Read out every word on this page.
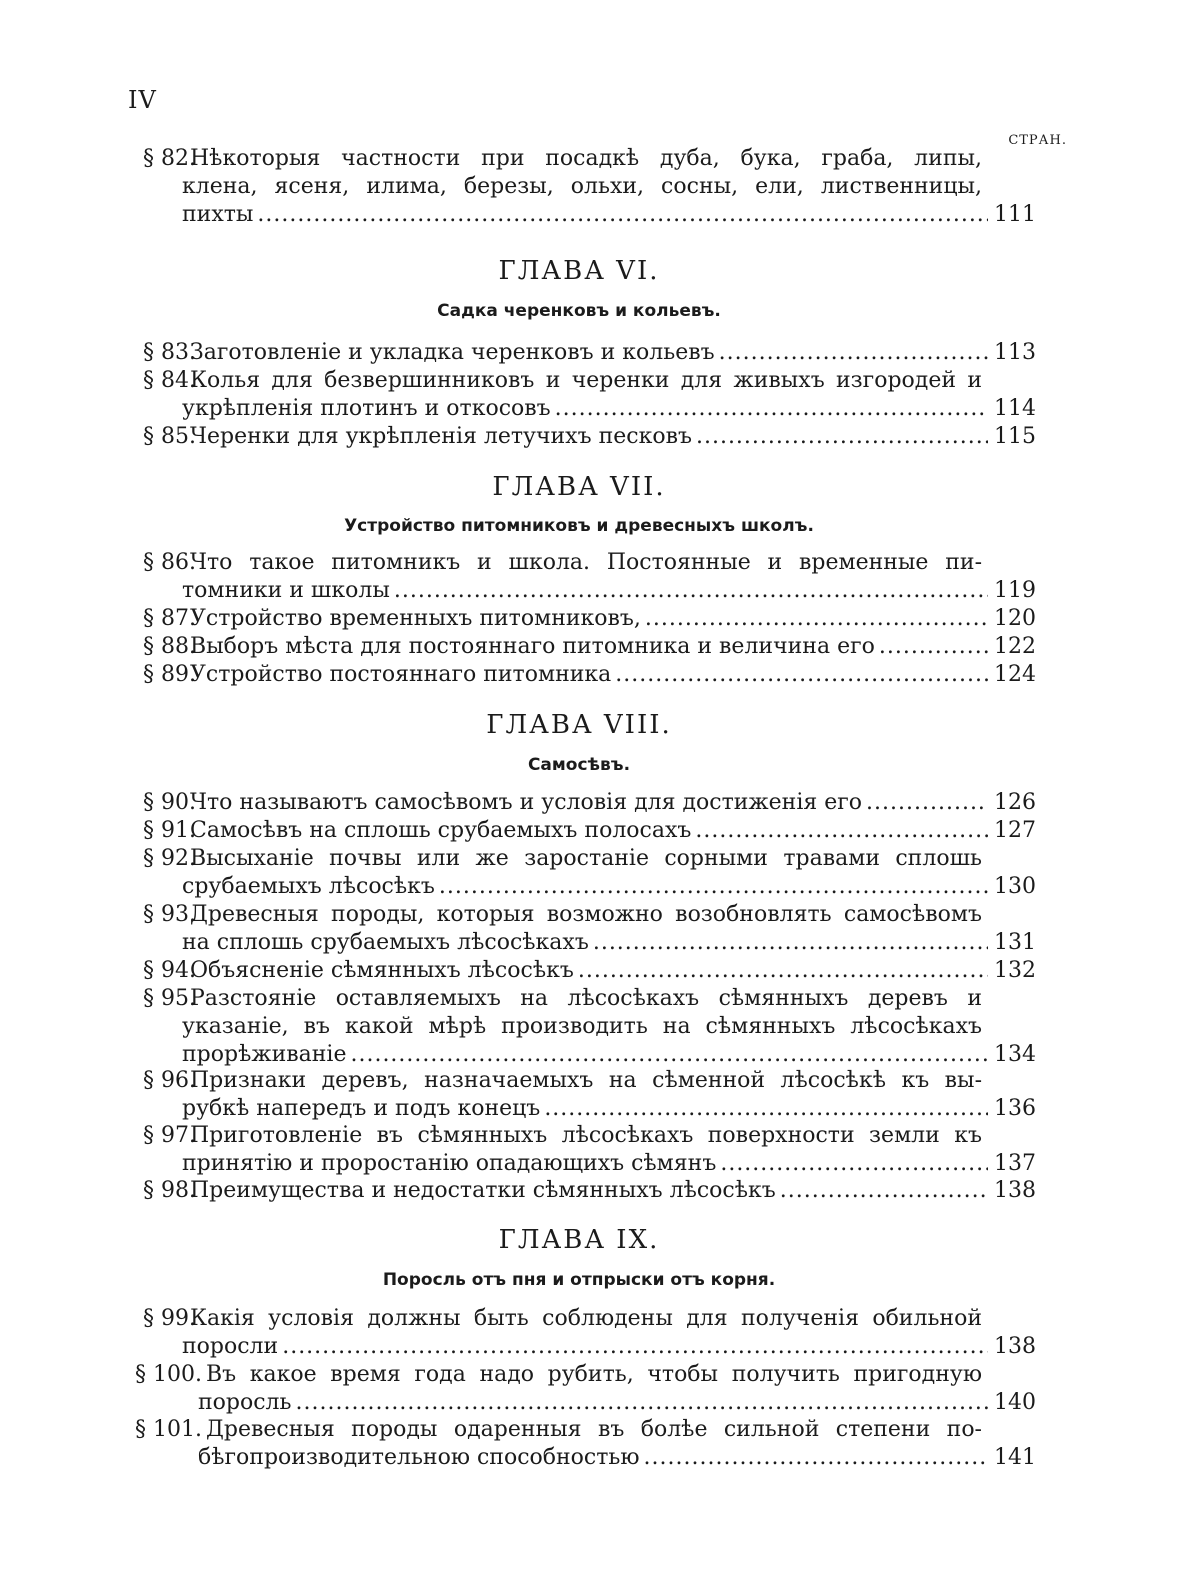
IV
СТРАН.
§ 82.
Нѣкоторыя частности при посадкѣ дуба, бука, граба, липы,
клена, ясеня, илима, березы, ольхи, сосны, ели, лиственницы,
пихты .....	111
ГЛАВА VI.
Садка черенковъ и кольевъ.
§ 83.
Заготовленіе и укладка черенковъ и кольевъ .....	113
§ 84.
Колья для безвершинниковъ и черенки для живыхъ изгородей и
укрѣпленія плотинъ и откосовъ .....	114
§ 85.
Черенки для укрѣпленія летучихъ песковъ .....	115
ГЛАВА VII.
Устройство питомниковъ и древесныхъ школъ.
§ 86.
Что такое питомникъ и школа. Постоянные и временные пи-
томники и школы .....	119
§ 87.
Устройство временныхъ питомниковъ, .....	120
§ 88.
Выборъ мѣста для постояннаго питомника и величина его .....	122
§ 89.
Устройство постояннаго питомника .....	124
ГЛАВА VIII.
Самосѣвъ.
§ 90.
Что называютъ самосѣвомъ и условія для достиженія его .....	126
§ 91.
Самосѣвъ на сплошь срубаемыхъ полосахъ .....	127
§ 92.
Высыханіе почвы или же заростаніе сорными травами сплошь
срубаемыхъ лѣсосѣкъ .....	130
§ 93.
Древесныя породы, которыя возможно возобновлять самосѣвомъ
на сплошь срубаемыхъ лѣсосѣкахъ .....	131
§ 94.
Объясненіе сѣмянныхъ лѣсосѣкъ .....	132
§ 95.
Разстояніе оставляемыхъ на лѣсосѣкахъ сѣмянныхъ деревъ и
указаніе, въ какой мѣрѣ производить на сѣмянныхъ лѣсосѣкахъ
прорѣживаніе .....	134
§ 96.
Признаки деревъ, назначаемыхъ на сѣменной лѣсосѣкѣ къ вы-
рубкѣ напередъ и подъ конецъ .....	136
§ 97.
Приготовленіе въ сѣмянныхъ лѣсосѣкахъ поверхности земли къ
принятію и проростанію опадающихъ сѣмянъ .....	137
§ 98.
Преимущества и недостатки сѣмянныхъ лѣсосѣкъ .....	138
ГЛАВА IX.
Поросль отъ пня и отпрыски отъ корня.
§ 99.
Какія условія должны быть соблюдены для полученія обильной
поросли .....	138
§ 100. Въ какое время года надо рубить, чтобы получить пригодную
поросль .....	140
§ 101. Древесныя породы одаренныя въ болѣе сильной степени по-
бѣгопроизводительною способностью .....	141
